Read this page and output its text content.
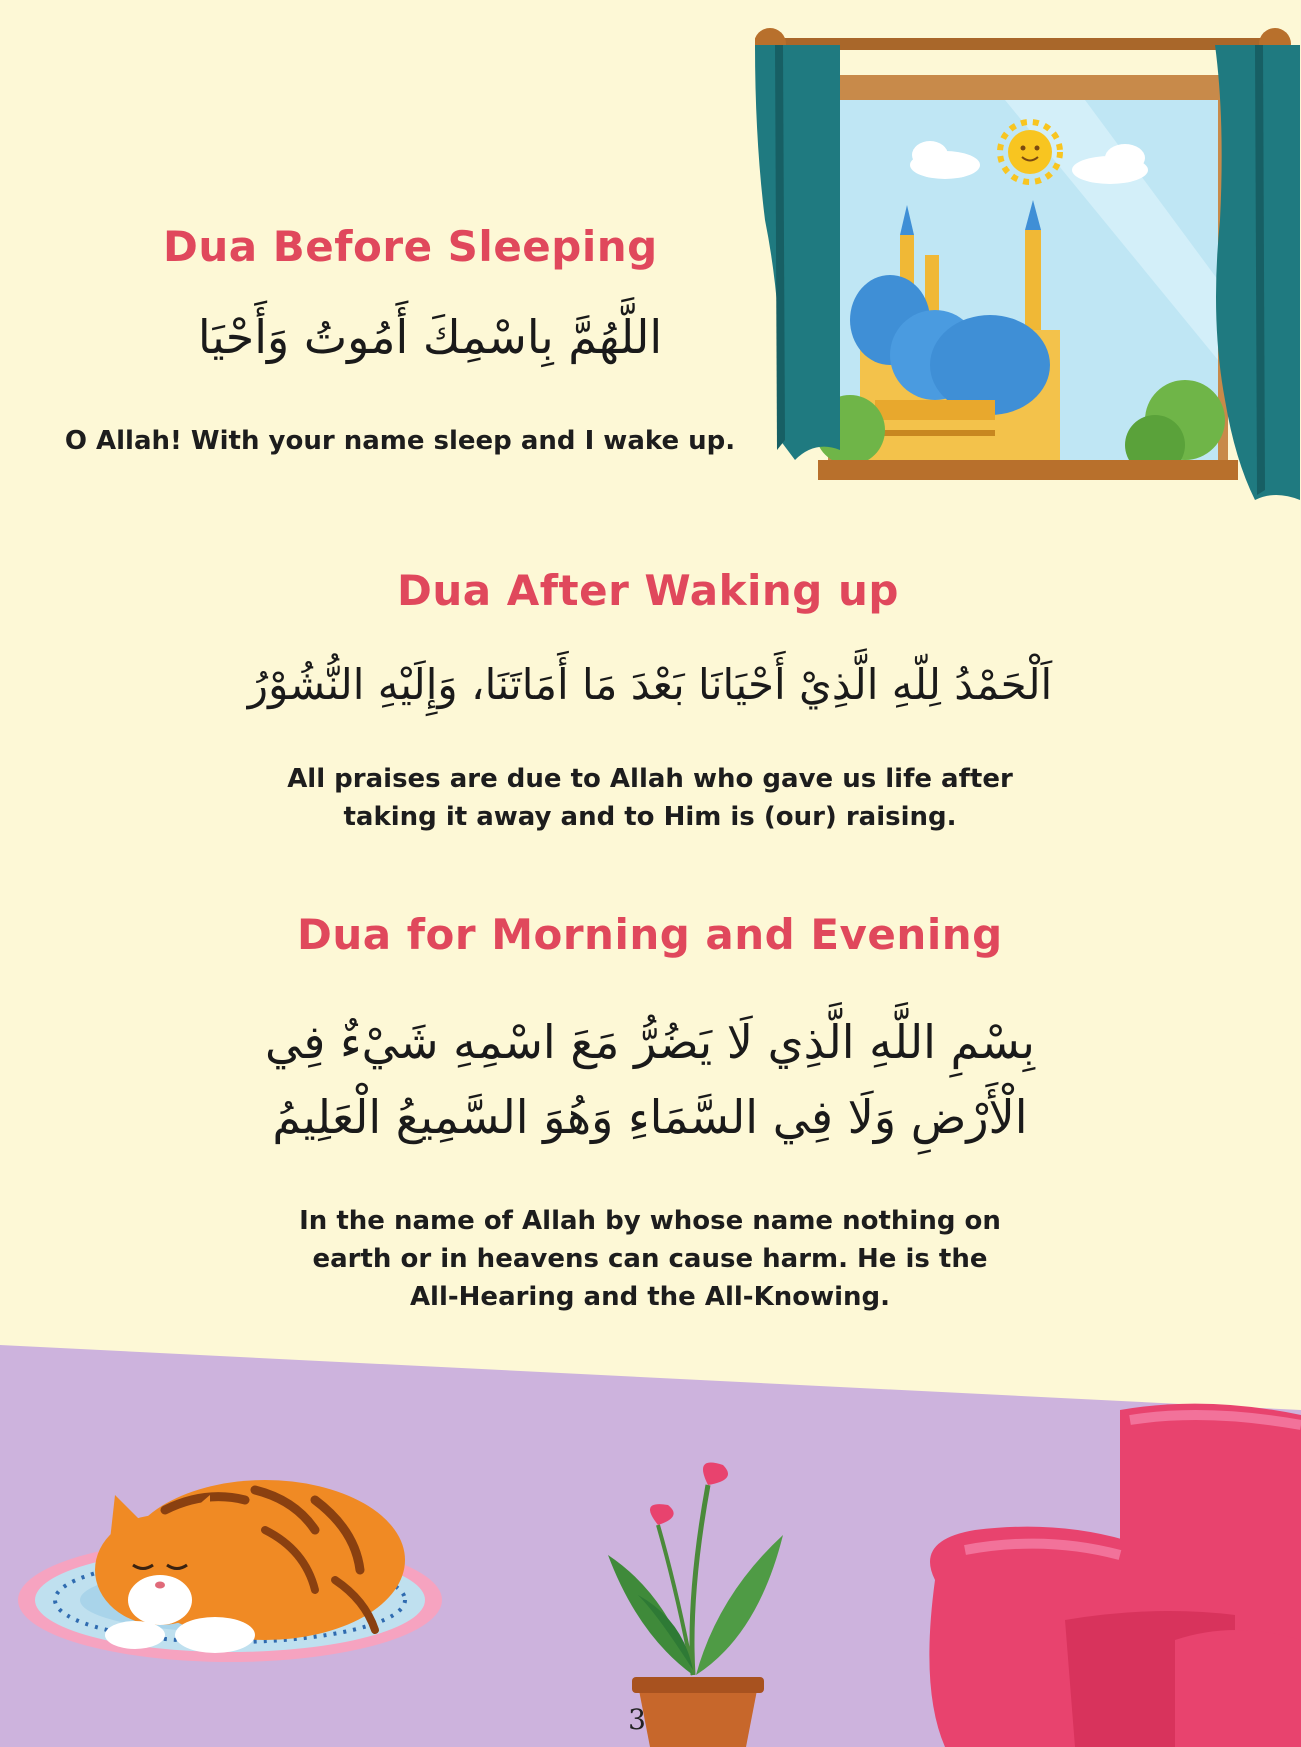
Dua Before Sleeping

اللَّهُمَّ بِاسْمِكَ أَمُوتُ وَأَحْيَا

O Allah! With your name sleep and I wake up.

Dua After Waking up

اَلْحَمْدُ لِلّهِ الَّذِيْ أَحْيَانَا بَعْدَ مَا أَمَاتَنَا، وَإِلَيْهِ النُّشُوْرُ

All praises are due to Allah who gave us life after
taking it away and to Him is (our) raising.

Dua for Morning and Evening

بِسْمِ اللَّهِ الَّذِي لَا يَضُرُّ مَعَ اسْمِهِ شَيْءٌ فِي

الْأَرْضِ وَلَا فِي السَّمَاءِ وَهُوَ السَّمِيعُ الْعَلِيمُ

In the name of Allah by whose name nothing on
earth or in heavens can cause harm. He is the
All-Hearing and the All-Knowing.

3
